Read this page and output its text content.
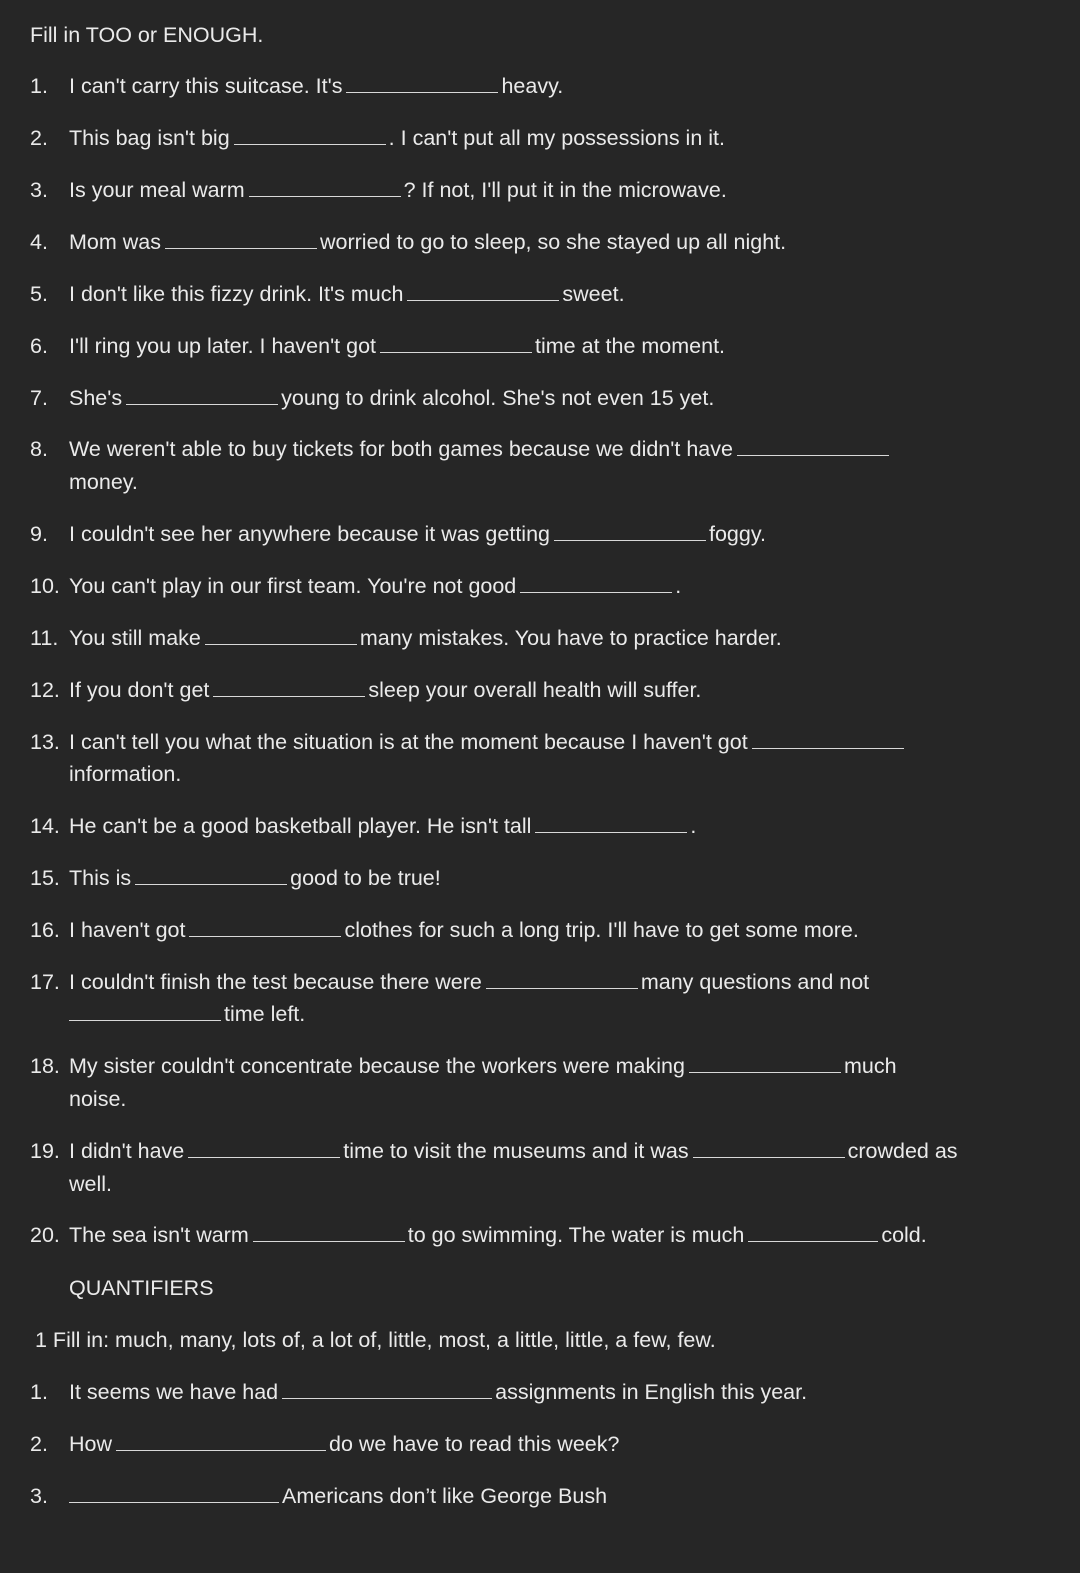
Fill in TOO or ENOUGH.
1. I can't carry this suitcase. It's	heavy.
2. This bag isn't big	. I can't put all my possessions in it.
3. Is your meal warm	? If not, I'll put it in the microwave.
4. Mom was	worried to go to sleep, so she stayed up all night.
5. I don't like this fizzy drink. It's much	sweet.
6. I'll ring you up later. I haven't got	time at the moment.
7. She's	young to drink alcohol. She's not even 15 yet.
8. We weren't able to buy tickets for both games because we didn't have
money.
9. I couldn't see her anywhere because it was getting	foggy.
10. You can't play in our first team. You're not good	.
11. You still make	many mistakes. You have to practice harder.
12. If you don't get	sleep your overall health will suffer.
13. I can't tell you what the situation is at the moment because I haven't got
information.
14. He can't be a good basketball player. He isn't tall	.
15. This is	good to be true!
16. I haven't got	clothes for such a long trip. I'll have to get some more.
17. I couldn't finish the test because there were	many questions and not
time left.
18. My sister couldn't concentrate because the workers were making	much
noise.
19. I didn't have	time to visit the museums and it was	crowded as
well.
20. The sea isn't warm	to go swimming. The water is much	cold.
QUANTIFIERS
1 Fill in: much, many, lots of, a lot of, little, most, a little, little, a few, few.
1. It seems we have had	assignments in English this year.
2. How	do we have to read this week?
3.	Americans don’t like George Bush
